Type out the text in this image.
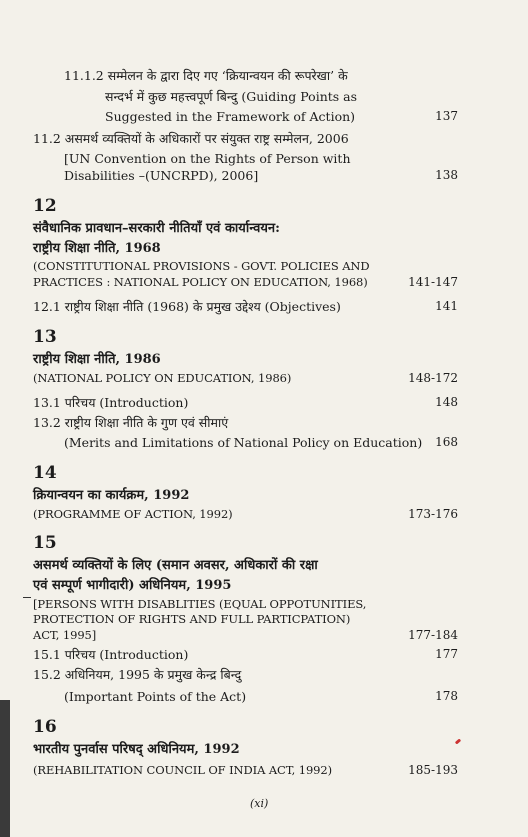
11.1.2 सम्मेलन के द्वारा दिए गए ‘क्रियान्वयन की रूपरेखा’ के
सन्दर्भ में कुछ महत्त्वपूर्ण बिन्दु (Guiding Points as
Suggested in the Framework of Action)	137
11.2 असमर्थ व्यक्तियों के अधिकारों पर संयुक्त राष्ट्र सम्मेलन, 2006
[UN Convention on the Rights of Person with
Disabilities –(UNCRPD), 2006]	138
12
संवैधानिक प्रावधान–सरकारी नीतियाँ एवं कार्यान्वयन:
राष्ट्रीय शिक्षा नीति, 1968
(CONSTITUTIONAL PROVISIONS - GOVT. POLICIES AND
PRACTICES : NATIONAL POLICY ON EDUCATION, 1968)	141-147
12.1 राष्ट्रीय शिक्षा नीति (1968) के प्रमुख उद्देश्य (Objectives)	141
13
राष्ट्रीय शिक्षा नीति, 1986
(NATIONAL POLICY ON EDUCATION, 1986)	148-172
13.1 परिचय (Introduction)	148
13.2 राष्ट्रीय शिक्षा नीति के गुण एवं सीमाएं
(Merits and Limitations of National Policy on Education) 168
14
क्रियान्वयन का कार्यक्रम, 1992
(PROGRAMME OF ACTION, 1992)	173-176
15
असमर्थ व्यक्तियों के लिए (समान अवसर, अधिकारों की रक्षा
एवं सम्पूर्ण भागीदारी) अधिनियम, 1995
[PERSONS WITH DISABLITIES (EQUAL OPPOTUNITIES,
PROTECTION OF RIGHTS AND FULL PARTICPATION)
ACT, 1995]	177-184
15.1 परिचय (Introduction)	177
15.2 अधिनियम, 1995 के प्रमुख केन्द्र बिन्दु
(Important Points of the Act)	178
16
भारतीय पुनर्वास परिषद् अधिनियम, 1992
(REHABILITATION COUNCIL OF INDIA ACT, 1992)	185-193
(xi)
